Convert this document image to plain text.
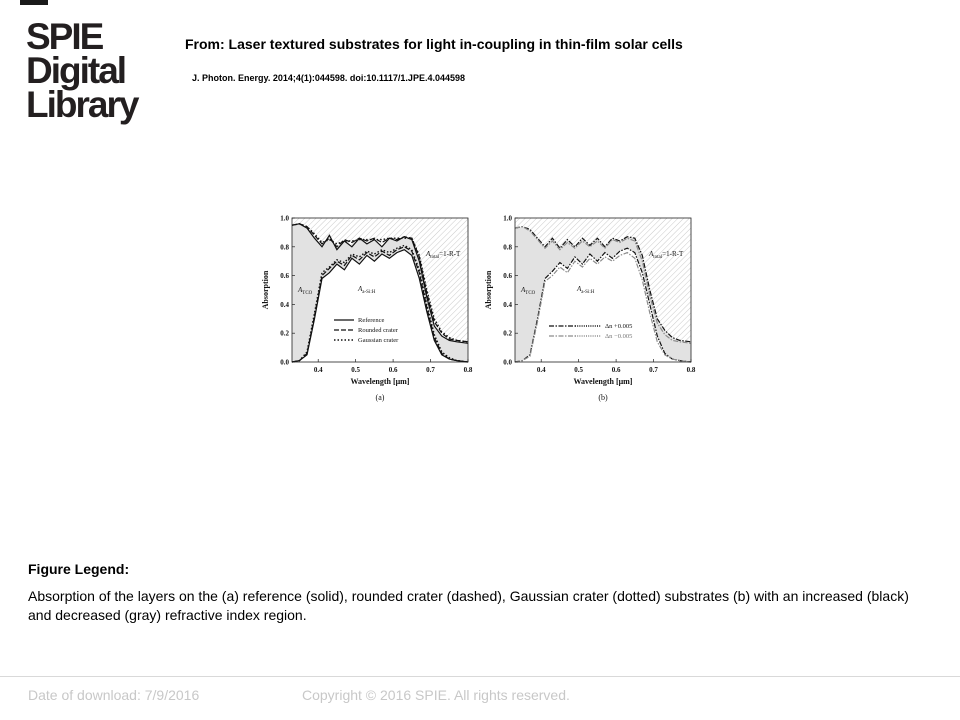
SPIE
Digital
Library
From: Laser textured substrates for light in-coupling in thin-film solar cells
J. Photon. Energy. 2014;4(1):044598. doi:10.1117/1.JPE.4.044598
0.0
0.2
0.4
0.6
0.8
1.0
0.4	0.5	0.6	0.7	0.8
Wavelength [μm]
Absorption
(a)
$A_{total}=1-R-T$
$A_{TCO}$
$A_{a-Si:H}$
Reference
Rounded crater
Gaussian crater
0.0
0.2
0.4
0.6
0.8
1.0
0.4	0.5	0.6	0.7	0.8
Wavelength [μm]
Absorption
(b)
$A_{total}=1-R-T$
$A_{TCO}$
$A_{a-Si:H}$
Δn +0.005
Δn −0.005
Figure Legend:
Absorption of the layers on the (a) reference (solid), rounded crater (dashed), Gaussian crater (dotted) substrates (b) with an increased (black) and decreased (gray) refractive index region.
Date of download: 7/9/2016	Copyright © 2016 SPIE. All rights reserved.
